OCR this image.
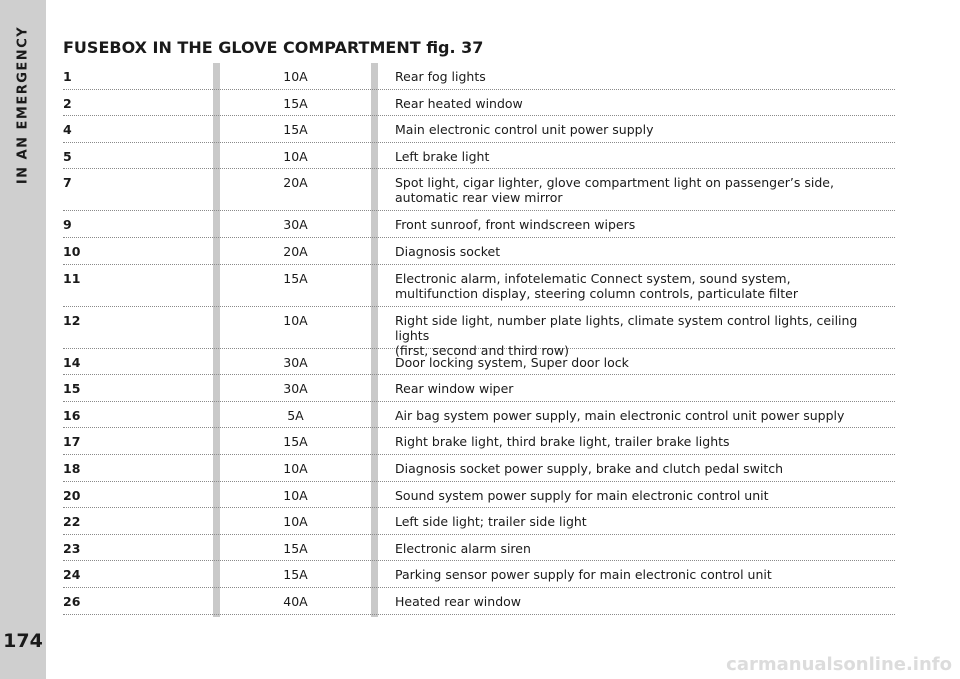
IN AN EMERGENCY
174
FUSEBOX IN THE GLOVE COMPARTMENT fig. 37
1	10A	Rear fog lights
2	15A	Rear heated window
4	15A	Main electronic control unit power supply
5	10A	Left brake light
7	20A	Spot light, cigar lighter, glove compartment light on passenger’s side,
automatic rear view mirror
9	30A	Front sunroof, front windscreen wipers
10	20A	Diagnosis socket
11	15A	Electronic alarm, infotelematic Connect system, sound system,
multifunction display, steering column controls, particulate filter
12	10A	Right side light, number plate lights, climate system control lights, ceiling lights
(first, second and third row)
14	30A	Door locking system, Super door lock
15	30A	Rear window wiper
16	5A	Air bag system power supply, main electronic control unit power supply
17	15A	Right brake light, third brake light, trailer brake lights
18	10A	Diagnosis socket power supply, brake and clutch pedal switch
20	10A	Sound system power supply for main electronic control unit
22	10A	Left side light; trailer side light
23	15A	Electronic alarm siren
24	15A	Parking sensor power supply for main electronic control unit
26	40A	Heated rear window
carmanualsonline.info
